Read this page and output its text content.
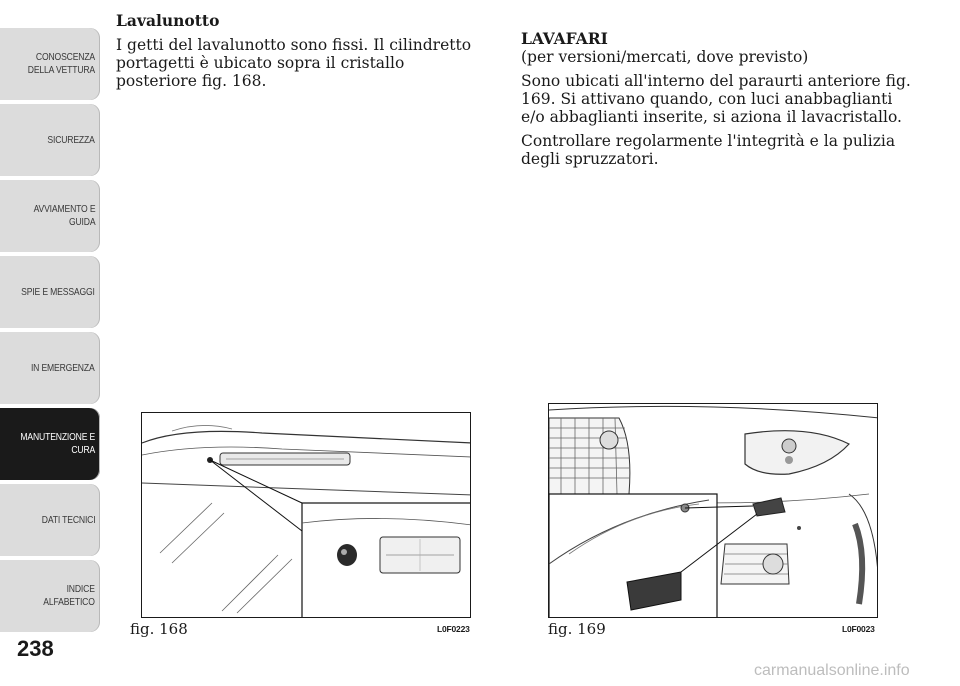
CONOSCENZA
DELLA VETTURA
SICUREZZA
AVVIAMENTO E
GUIDA
SPIE E MESSAGGI
IN EMERGENZA
MANUTENZIONE E
CURA
DATI TECNICI
INDICE
ALFABETICO
238
Lavalunotto
I getti del lavalunotto sono fissi. Il cilindretto portagetti è ubicato sopra il cristallo posteriore fig. 168.
LAVAFARI
(per versioni/mercati, dove previsto)
Sono ubicati all'interno del paraurti anteriore fig. 169. Si attivano quando, con luci anabbaglianti e/o abbaglianti inserite, si aziona il lavacristallo.
Controllare regolarmente l'integrità e la pulizia degli spruzzatori.
fig. 168	L0F0223	fig. 169	L0F0023
carmanualsonline.info
